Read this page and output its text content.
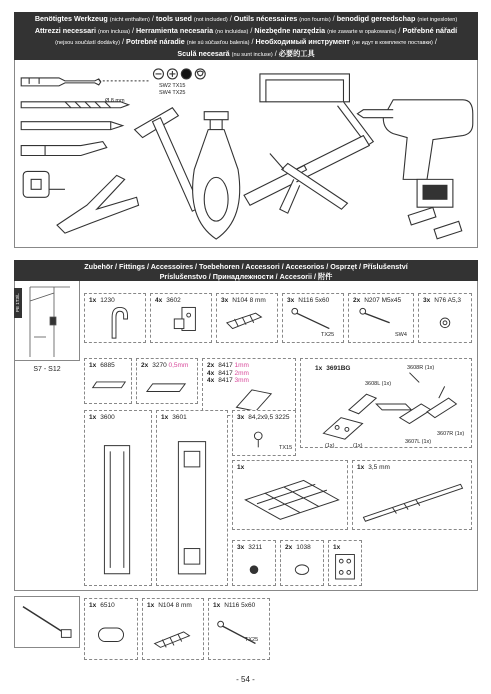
Benötigtes Werkzeug (nicht enthalten) / tools used (not included) / Outils nécessaires (non fournis) / benodigd gereedschap (niet ingesloten)
Attrezzi necessari (non inclusa) / Herramienta necesaria (no incluidas) / Niezbędne narzędzia (nie zawarte w opakowaniu) / Potřebné nářadí
(nejsou součástí dodávky) / Potrebné náradie (nie sú súčasťou balenia) / Необходимый инструмент (не идут в комплекте поставки) /
Sculă necesară (nu sunt incluse) / 必要的工具
SW2 TX15
SW4 TX25
Ø 8 mm
Zubehör / Fittings / Accessoires / Toebehoren / Accessori / Accesorios / Osprzęt / Příslušenství
Príslušenstvo / Принадлежности / Accesorii / 附件
PE 1T3/L
S7 - S12
1x 1230	4x 3602	3x N104 8 mm	3x N116 5x60
TX25
2x N207 M5x45
SW4
3x N76 A5,3
1x 6885	2x 3270 0,5mm	2x 8417 1mm
4x 8417 2mm
4x 8417 3mm
1x 3691BG	3608R (1x)
3608L (1x)
3607R (1x)
3607L (1x)
(1x)	(1x)
1x 3600	1x 3601	3x 84,2x9,5 3225
TX15
1x	1x 3,5 mm
3x 3211	2x 1038	1x
1x 6510	1x N104 8 mm	1x N116 5x60
TX25
- 54 -
